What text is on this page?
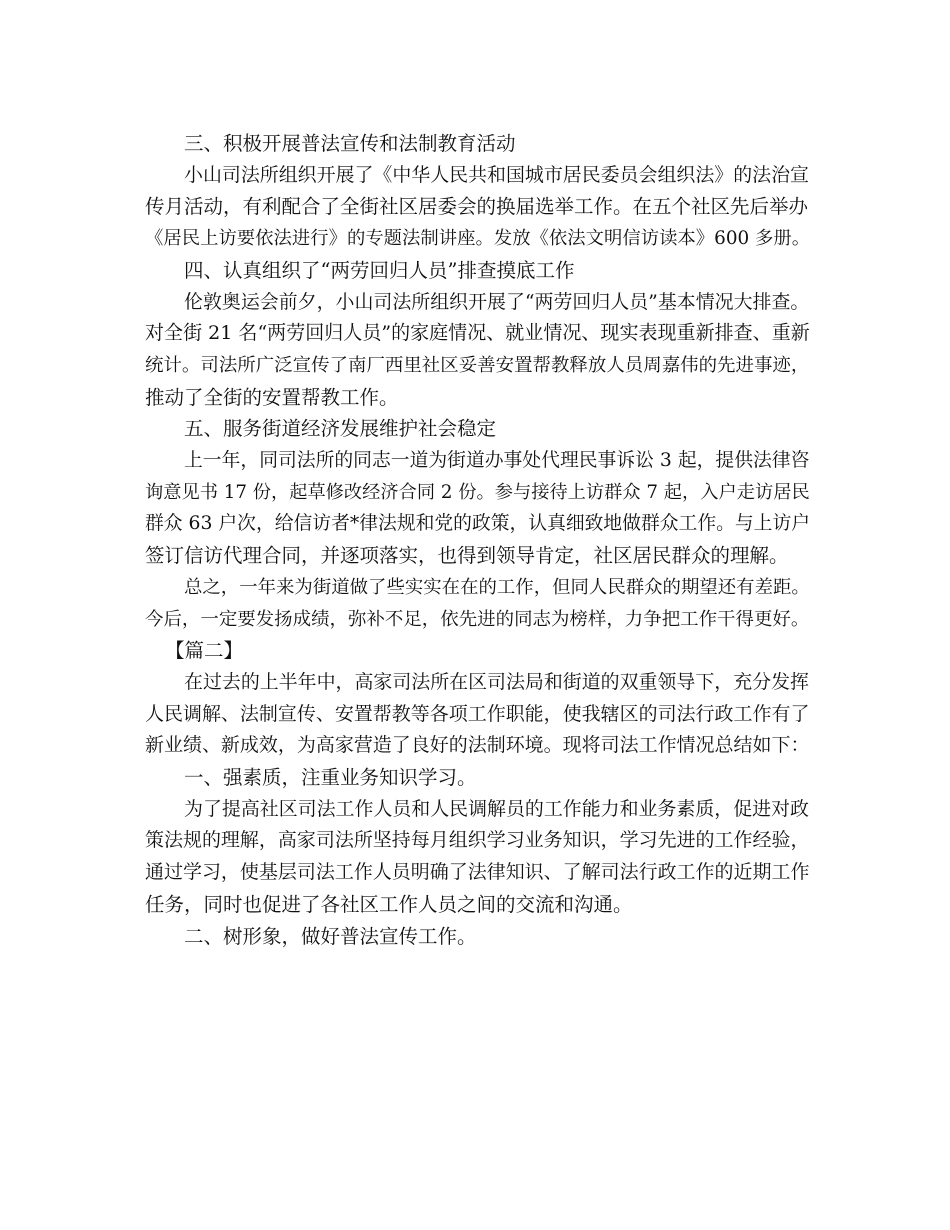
三、积极开展普法宣传和法制教育活动

小山司法所组织开展了《中华人民共和国城市居民委员会组织法》的法治宣

传月活动，有利配合了全街社区居委会的换届选举工作。在五个社区先后举办

《居民上访要依法进行》的专题法制讲座。发放《依法文明信访读本》600 多册。

四、认真组织了“两劳回归人员”排查摸底工作

伦敦奥运会前夕，小山司法所组织开展了“两劳回归人员”基本情况大排查。

对全街 21 名“两劳回归人员”的家庭情况、就业情况、现实表现重新排查、重新

统计。司法所广泛宣传了南厂西里社区妥善安置帮教释放人员周嘉伟的先进事迹，

推动了全街的安置帮教工作。

五、服务街道经济发展维护社会稳定

上一年，同司法所的同志一道为街道办事处代理民事诉讼 3 起，提供法律咨

询意见书 17 份，起草修改经济合同 2 份。参与接待上访群众 7 起，入户走访居民

群众 63 户次，给信访者*律法规和党的政策，认真细致地做群众工作。与上访户

签订信访代理合同，并逐项落实，也得到领导肯定，社区居民群众的理解。

总之，一年来为街道做了些实实在在的工作，但同人民群众的期望还有差距。

今后，一定要发扬成绩，弥补不足，依先进的同志为榜样，力争把工作干得更好。

【篇二】

在过去的上半年中，高家司法所在区司法局和街道的双重领导下，充分发挥

人民调解、法制宣传、安置帮教等各项工作职能，使我辖区的司法行政工作有了

新业绩、新成效，为高家营造了良好的法制环境。现将司法工作情况总结如下：

一、强素质，注重业务知识学习。

为了提高社区司法工作人员和人民调解员的工作能力和业务素质，促进对政

策法规的理解，高家司法所坚持每月组织学习业务知识，学习先进的工作经验，

通过学习，使基层司法工作人员明确了法律知识、了解司法行政工作的近期工作

任务，同时也促进了各社区工作人员之间的交流和沟通。

二、树形象，做好普法宣传工作。
